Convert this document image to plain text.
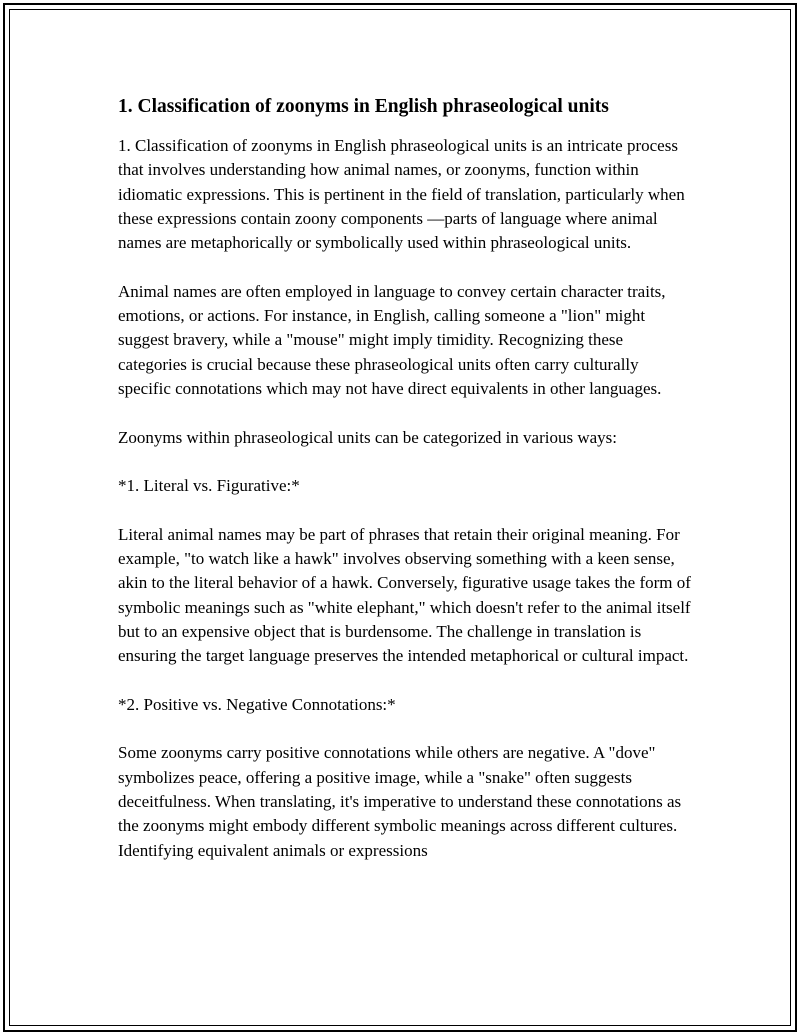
1. Classification of zoonyms in English phraseological units

1. Classification of zoonyms in English phraseological units is an intricate process that involves understanding how animal names, or zoonyms, function within idiomatic expressions. This is pertinent in the field of translation, particularly when these expressions contain zoony components —parts of language where animal names are metaphorically or symbolically used within phraseological units.

Animal names are often employed in language to convey certain character traits, emotions, or actions. For instance, in English, calling someone a "lion" might suggest bravery, while a "mouse" might imply timidity. Recognizing these categories is crucial because these phraseological units often carry culturally specific connotations which may not have direct equivalents in other languages.

Zoonyms within phraseological units can be categorized in various ways:

*1. Literal vs. Figurative:*

Literal animal names may be part of phrases that retain their original meaning. For example, "to watch like a hawk" involves observing something with a keen sense, akin to the literal behavior of a hawk. Conversely, figurative usage takes the form of symbolic meanings such as "white elephant," which doesn't refer to the animal itself but to an expensive object that is burdensome. The challenge in translation is ensuring the target language preserves the intended metaphorical or cultural impact.

*2. Positive vs. Negative Connotations:*

Some zoonyms carry positive connotations while others are negative. A "dove" symbolizes peace, offering a positive image, while a "snake" often suggests deceitfulness. When translating, it's imperative to understand these connotations as the zoonyms might embody different symbolic meanings across different cultures. Identifying equivalent animals or expressions
